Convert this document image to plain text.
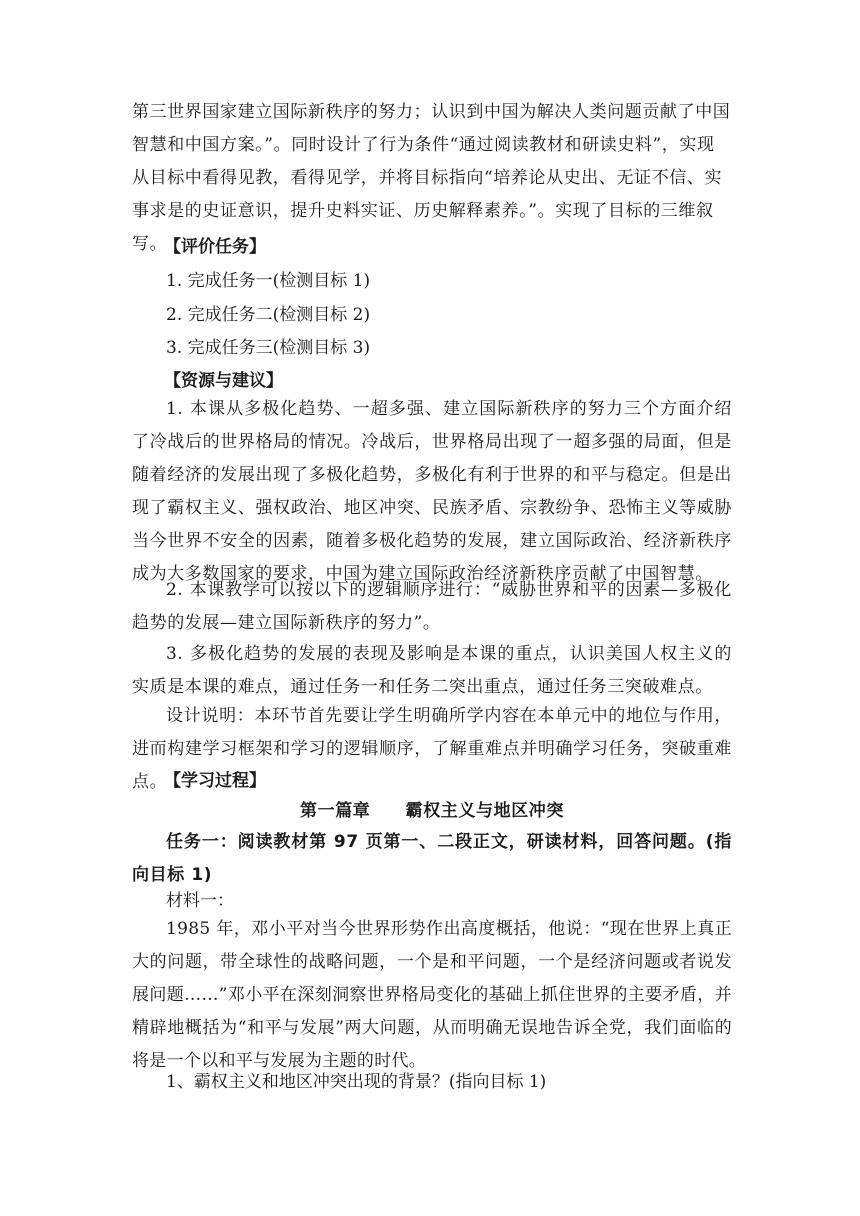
第三世界国家建立国际新秩序的努力；认识到中国为解决人类问题贡献了中国智慧和中国方案。”。同时设计了行为条件“通过阅读教材和研读史料”，实现从目标中看得见教，看得见学，并将目标指向“培养论从史出、无证不信、实事求是的史证意识，提升史料实证、历史解释素养。”。实现了目标的三维叙写。
【评价任务】
1. 完成任务一(检测目标 1)
2. 完成任务二(检测目标 2)
3. 完成任务三(检测目标 3)
【资源与建议】
1. 本课从多极化趋势、一超多强、建立国际新秩序的努力三个方面介绍了冷战后的世界格局的情况。冷战后，世界格局出现了一超多强的局面，但是随着经济的发展出现了多极化趋势，多极化有利于世界的和平与稳定。但是出现了霸权主义、强权政治、地区冲突、民族矛盾、宗教纷争、恐怖主义等威胁当今世界不安全的因素，随着多极化趋势的发展，建立国际政治、经济新秩序成为大多数国家的要求，中国为建立国际政治经济新秩序贡献了中国智慧。
2. 本课教学可以按以下的逻辑顺序进行：“威胁世界和平的因素—多极化趋势的发展—建立国际新秩序的努力”。
3. 多极化趋势的发展的表现及影响是本课的重点，认识美国人权主义的实质是本课的难点，通过任务一和任务二突出重点，通过任务三突破难点。
设计说明：本环节首先要让学生明确所学内容在本单元中的地位与作用，进而构建学习框架和学习的逻辑顺序，了解重难点并明确学习任务，突破重难点。
【学习过程】
第一篇章　　霸权主义与地区冲突
任务一：阅读教材第 97 页第一、二段正文，研读材料，回答问题。(指向目标 1)
材料一：
1985 年，邓小平对当今世界形势作出高度概括，他说：“现在世界上真正大的问题，带全球性的战略问题，一个是和平问题，一个是经济问题或者说发展问题……”邓小平在深刻洞察世界格局变化的基础上抓住世界的主要矛盾，并精辟地概括为“和平与发展”两大问题，从而明确无误地告诉全党，我们面临的将是一个以和平与发展为主题的时代。
1、霸权主义和地区冲突出现的背景？(指向目标 1)
